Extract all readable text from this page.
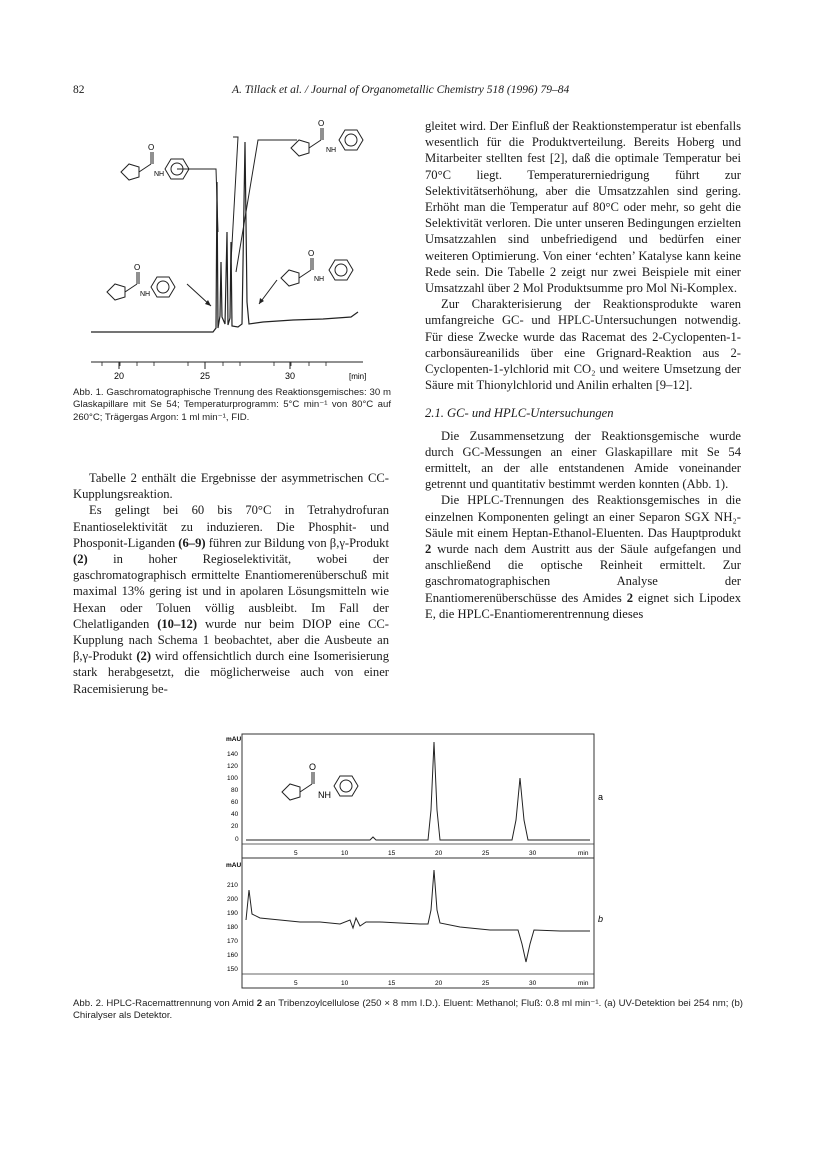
82	A. Tillack et al. / Journal of Organometallic Chemistry 518 (1996) 79–84
O
NH
O
NH
O
NH
O
NH
20	25	30	[min]
Abb. 1. Gaschromatographische Trennung des Reaktionsgemisches: 30 m Glaskapillare mit Se 54; Temperaturprogramm: 5°C min⁻¹ von 80°C auf 260°C; Trägergas Argon: 1 ml min⁻¹, FID.

Tabelle 2 enthält die Ergebnisse der asymmetrischen CC-Kupplungsreaktion.

Es gelingt bei 60 bis 70°C in Tetrahydrofuran Enantioselektivität zu induzieren. Die Phosphit- und Phosponit-Liganden (6–9) führen zur Bildung von β,γ-Produkt (2) in hoher Regioselektivität, wobei der gaschromatographisch ermittelte Enantiomerenüberschuß mit maximal 13% gering ist und in apolaren Lösungsmitteln wie Hexan oder Toluen völlig ausbleibt. Im Fall der Chelatliganden (10–12) wurde nur beim DIOP eine CC-Kupplung nach Schema 1 beobachtet, aber die Ausbeute an β,γ-Produkt (2) wird offensichtlich durch eine Isomerisierung stark herabgesetzt, die möglicherweise auch von einer Racemisierung be-

gleitet wird. Der Einfluß der Reaktionstemperatur ist ebenfalls wesentlich für die Produktverteilung. Bereits Hoberg und Mitarbeiter stellten fest [2], daß die optimale Temperatur bei 70°C liegt. Temperaturerniedrigung führt zur Selektivitätserhöhung, aber die Umsatzzahlen sind gering. Erhöht man die Temperatur auf 80°C oder mehr, so geht die Selektivität verloren. Die unter unseren Bedingungen erzielten Umsatzzahlen sind unbefriedigend und bedürfen einer weiteren Optimierung. Von einer ‘echten’ Katalyse kann keine Rede sein. Die Tabelle 2 zeigt nur zwei Beispiele mit einer Umsatzzahl über 2 Mol Produktsumme pro Mol Ni-Komplex.

Zur Charakterisierung der Reaktionsprodukte waren umfangreiche GC- und HPLC-Untersuchungen notwendig. Für diese Zwecke wurde das Racemat des 2-Cyclopenten-1-carbonsäureanilids über eine Grignard-Reaktion aus 2-Cyclopenten-1-ylchlorid mit CO₂ und weitere Umsetzung der Säure mit Thionylchlorid und Anilin erhalten [9–12].

2.1. GC- und HPLC-Untersuchungen

Die Zusammensetzung der Reaktionsgemische wurde durch GC-Messungen an einer Glaskapillare mit Se 54 ermittelt, an der alle entstandenen Amide voneinander getrennt und quantitativ bestimmt werden konnten (Abb. 1).

Die HPLC-Trennungen des Reaktionsgemisches in die einzelnen Komponenten gelingt an einer Separon SGX NH₂-Säule mit einem Heptan-Ethanol-Eluenten. Das Hauptprodukt 2 wurde nach dem Austritt aus der Säule aufgefangen und anschließend die optische Reinheit ermittelt. Zur gaschromatographischen Analyse der Enantiomerenüberschüsse des Amides 2 eignet sich Lipodex E, die HPLC-Enantiomerentrennung dieses

mAU
140
120
100
80
60
40
20
0
5	10	15	20	25	30	min
O
NH	a
mAU
210
200
190
180
170
160
150
5	10	15	20	25	30	min
b
Abb. 2. HPLC-Racemattrennung von Amid 2 an Tribenzoylcellulose (250 × 8 mm I.D.). Eluent: Methanol; Fluß: 0.8 ml min⁻¹. (a) UV-Detektion bei 254 nm; (b) Chiralyser als Detektor.
